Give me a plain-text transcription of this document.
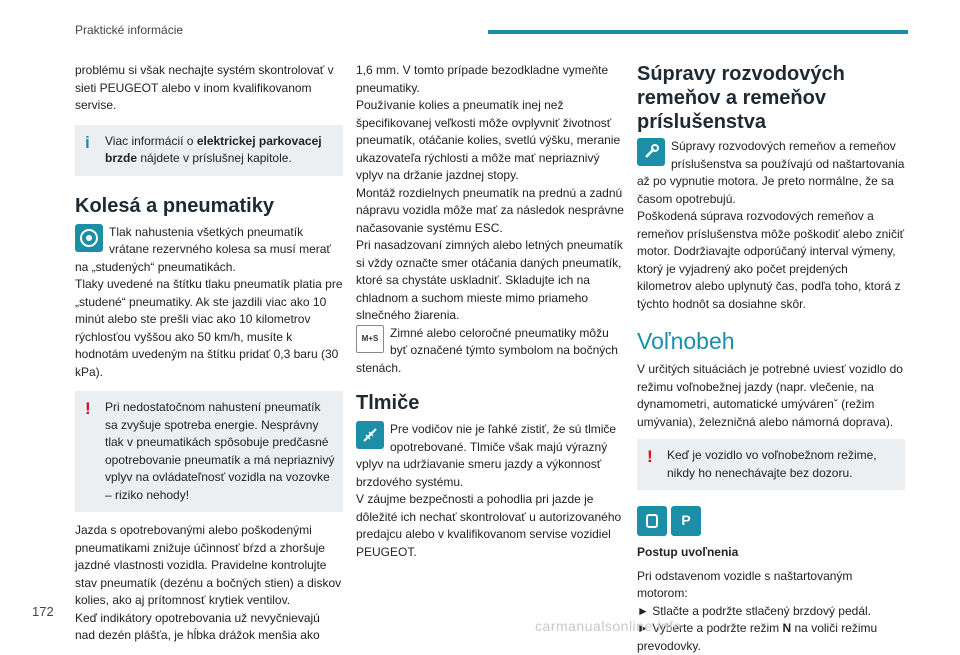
Praktické informácie

problému si však nechajte systém skontrolovať v sieti PEUGEOT alebo v inom kvalifikovanom servise.

i Viac informácií o elektrickej parkovacej brzde nájdete v príslušnej kapitole.
Kolesá a pneumatiky

Tlak nahustenia všetkých pneumatík vrátane rezervného kolesa sa musí merať na „studených“ pneumatikách.

Tlaky uvedené na štítku tlaku pneumatík platia pre „studené“ pneumatiky. Ak ste jazdili viac ako 10 minút alebo ste prešli viac ako 10 kilometrov rýchlosťou vyššou ako 50 km/h, musíte k hodnotám uvedeným na štítku pridať 0,3 baru (30 kPa).

! Pri nedostatočnom nahustení pneumatík sa zvyšuje spotreba energie. Nesprávny tlak v pneumatikách spôsobuje predčasné opotrebovanie pneumatík a má nepriaznivý vplyv na ovládateľnosť vozidla na vozovke – riziko nehody!

Jazda s opotrebovanými alebo poškodenými pneumatikami znižuje účinnosť bŕzd a zhoršuje jazdné vlastnosti vozidla. Pravidelne kontrolujte stav pneumatík (dezénu a bočných stien) a diskov kolies, ako aj prítomnosť krytiek ventilov.

Keď indikátory opotrebovania už nevyčnievajú nad dezén plášťa, je hĺbka drážok menšia ako

1,6 mm. V tomto prípade bezodkladne vymeňte pneumatiky.

Používanie kolies a pneumatík inej než špecifikovanej veľkosti môže ovplyvniť životnosť pneumatík, otáčanie kolies, svetlú výšku, meranie ukazovateľa rýchlosti a môže mať nepriaznivý vplyv na držanie jazdnej stopy.

Montáž rozdielnych pneumatík na prednú a zadnú nápravu vozidla môže mať za následok nesprávne načasovanie systému ESC.

Pri nasadzovaní zimných alebo letných pneumatík si vždy označte smer otáčania daných pneumatík, ktoré sa chystáte uskladniť. Skladujte ich na chladnom a suchom mieste mimo priameho slnečného žiarenia.

M+S Zimné alebo celoročné pneumatiky môžu byť označené týmto symbolom na bočných stenách.

Tlmiče

Pre vodičov nie je ľahké zistiť, že sú tlmiče opotrebované. Tlmiče však majú výrazný vplyv na udržiavanie smeru jazdy a výkonnosť brzdového systému.

V záujme bezpečnosti a pohodlia pri jazde je dôležité ich nechať skontrolovať u autorizovaného predajcu alebo v kvalifikovanom servise vozidiel PEUGEOT.

Súpravy rozvodových remeňov a remeňov príslušenstva

Súpravy rozvodových remeňov a remeňov príslušenstva sa používajú od naštartovania až po vypnutie motora. Je preto normálne, že sa časom opotrebujú.

Poškodená súprava rozvodových remeňov a remeňov príslušenstva môže poškodiť alebo zničiť motor. Dodržiavajte odporúčaný interval výmeny, ktorý je vyjadrený ako počet prejdených kilometrov alebo uplynutý čas, podľa toho, ktorá z týchto hodnôt sa dosiahne skôr.

Voľnobeh

V určitých situáciách je potrebné uviesť vozidlo do režimu voľnobežnej jazdy (napr. vlečenie, na dynamometri, automatické umývárenˇ (režim umývania), železničná alebo námorná doprava).

! Keď je vozidlo vo voľnobežnom režime, nikdy ho nenechávajte bez dozoru.
P

Postup uvoľnenia

Pri odstavenom vozidle s naštartovaným motorom:

► Stlačte a podržte stlačený brzdový pedál.

► Vyberte a podržte režim N na voliči režimu prevodovky.

172
carmanualsonline.info
